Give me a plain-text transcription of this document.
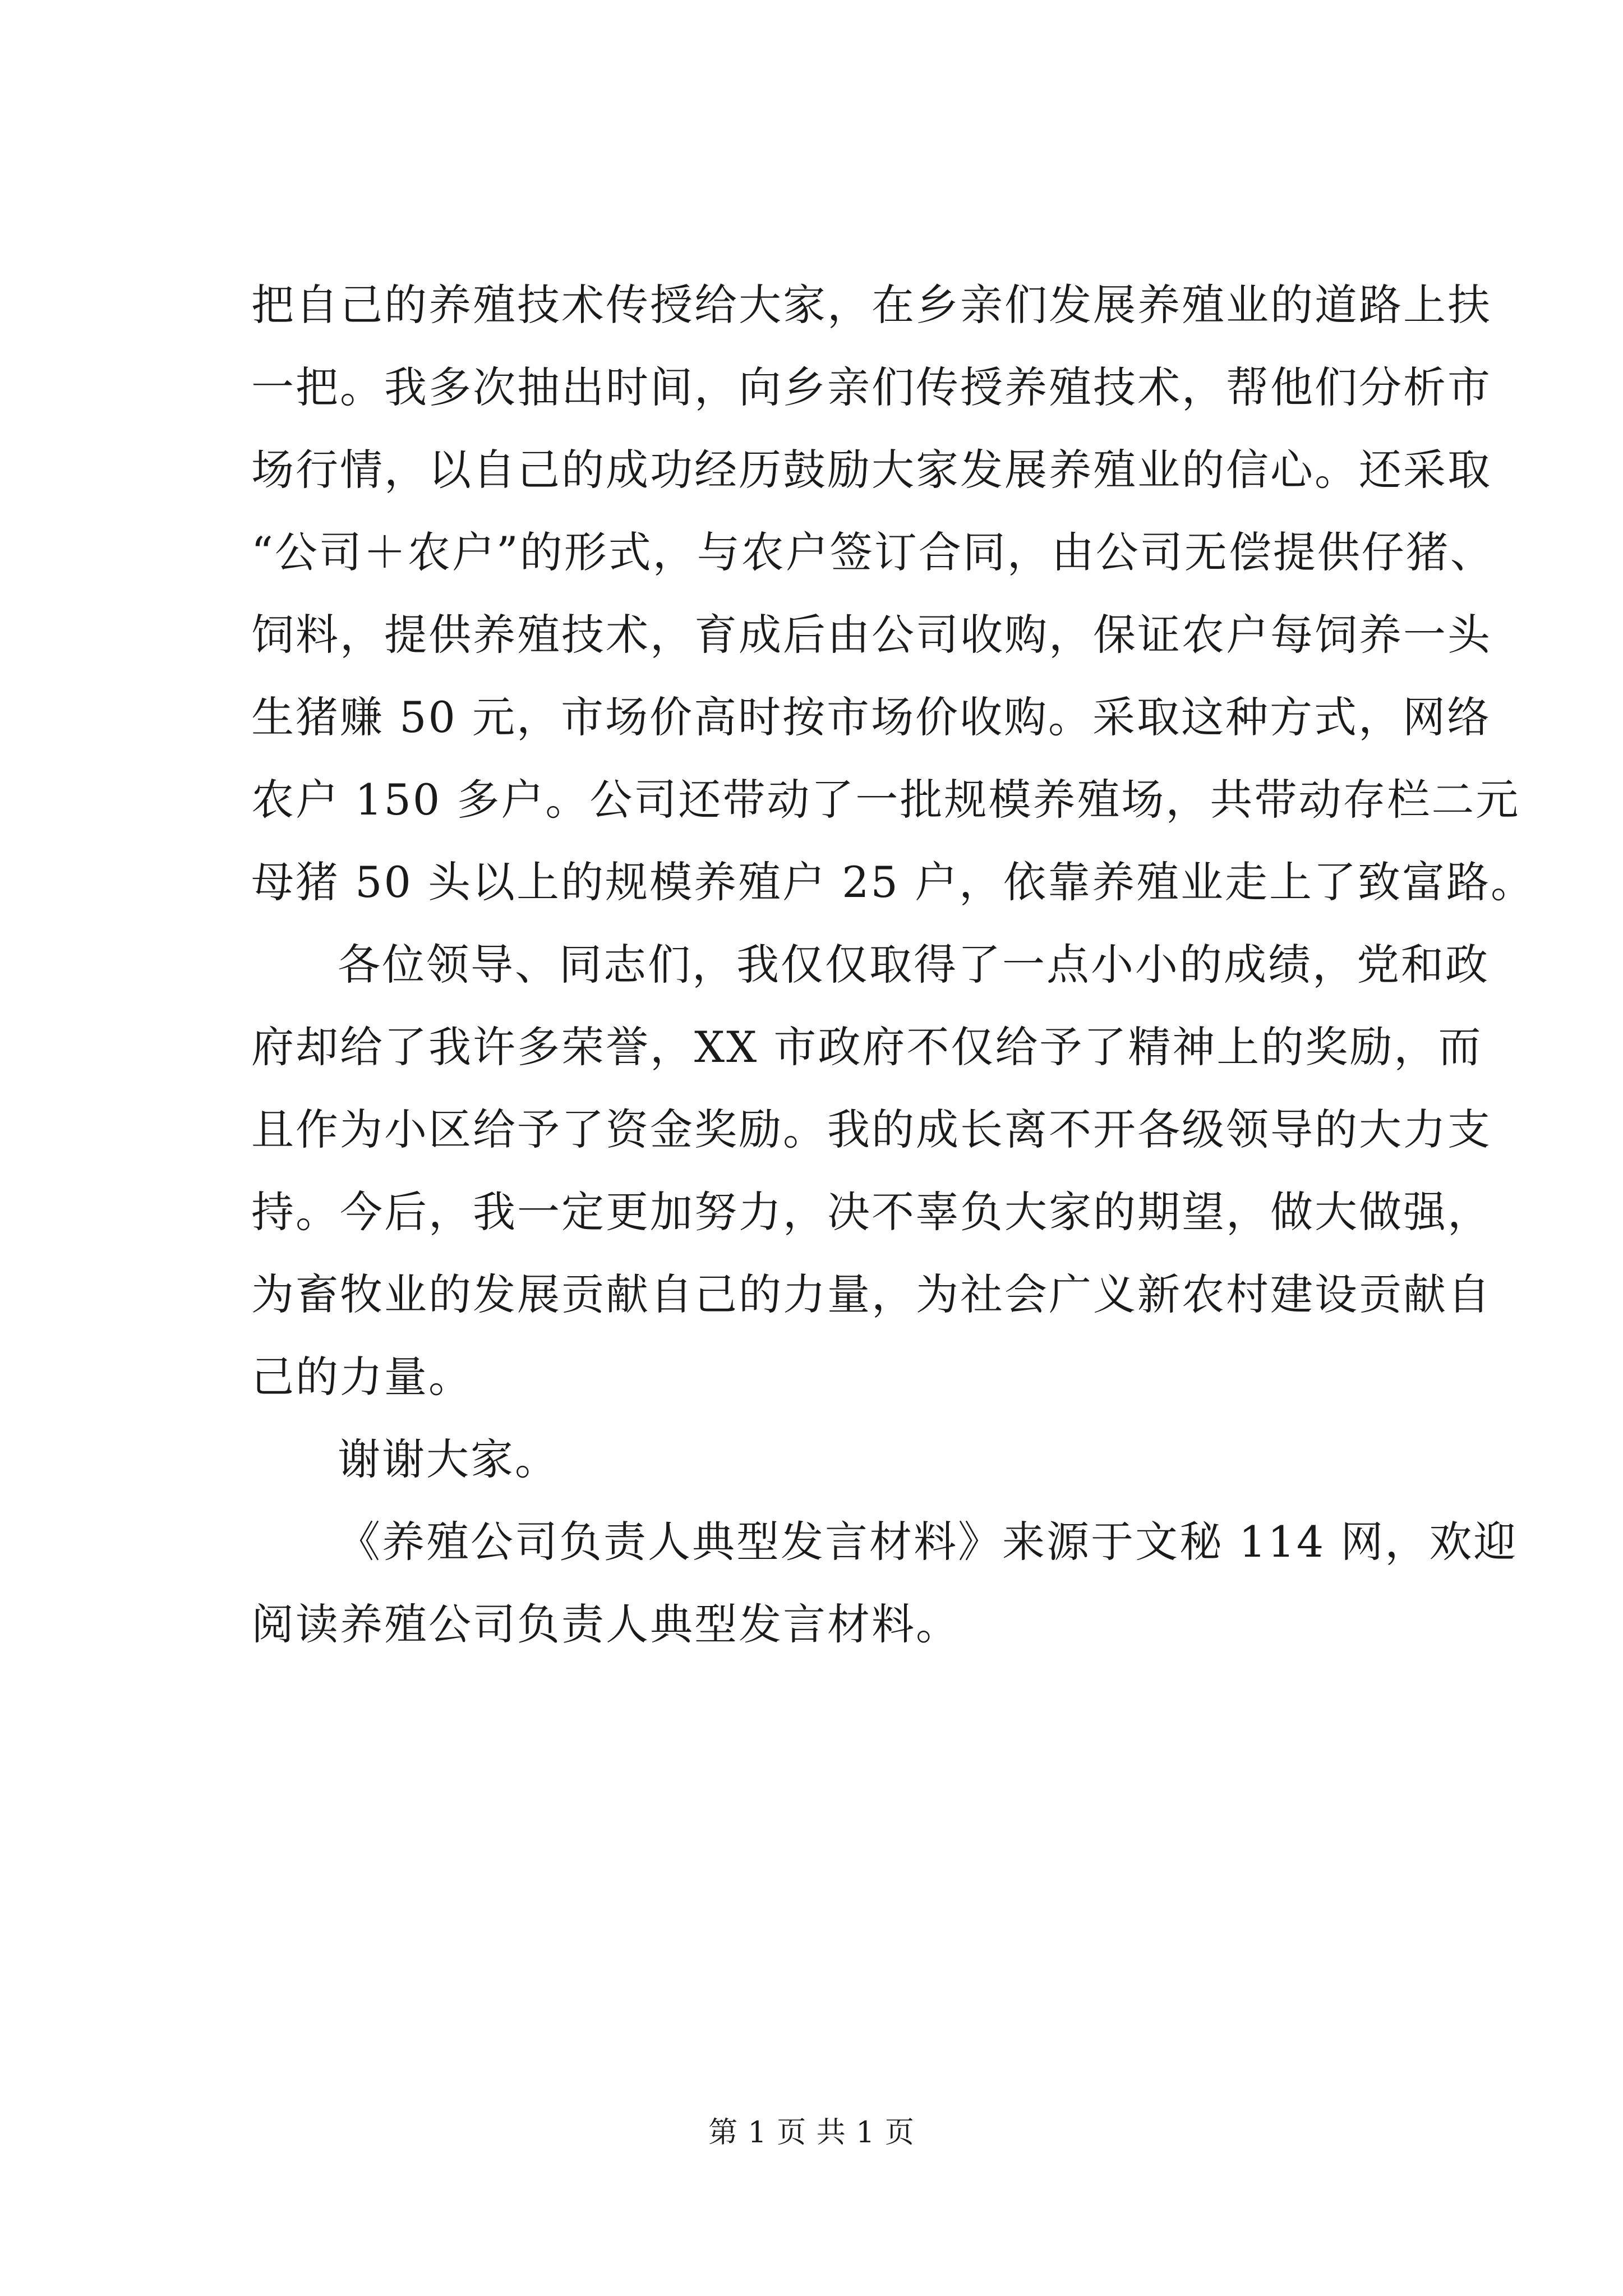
把自己的养殖技术传授给大家，在乡亲们发展养殖业的道路上扶
一把。我多次抽出时间，向乡亲们传授养殖技术，帮他们分析市
场行情，以自己的成功经历鼓励大家发展养殖业的信心。还采取
“公司＋农户”的形式，与农户签订合同，由公司无偿提供仔猪、
饲料，提供养殖技术，育成后由公司收购，保证农户每饲养一头
生猪赚 50 元，市场价高时按市场价收购。采取这种方式，网络
农户 150 多户。公司还带动了一批规模养殖场，共带动存栏二元
母猪 50 头以上的规模养殖户 25 户，依靠养殖业走上了致富路。
各位领导、同志们，我仅仅取得了一点小小的成绩，党和政
府却给了我许多荣誉，XX 市政府不仅给予了精神上的奖励，而
且作为小区给予了资金奖励。我的成长离不开各级领导的大力支
持。今后，我一定更加努力，决不辜负大家的期望，做大做强，
为畜牧业的发展贡献自己的力量，为社会广义新农村建设贡献自
己的力量。
谢谢大家。
《养殖公司负责人典型发言材料》来源于文秘 114 网，欢迎
阅读养殖公司负责人典型发言材料。
第 1 页 共 1 页
